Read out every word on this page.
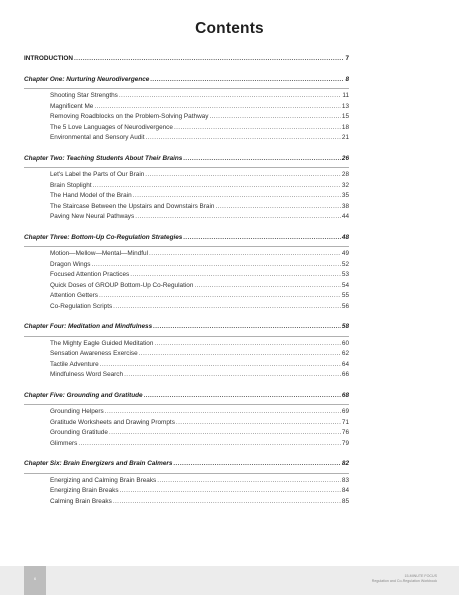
Contents
INTRODUCTION .....	7
Chapter One: Nurturing Neurodivergence .....	8
Shooting Star Strengths .....	11
Magnificent Me .....	13
Removing Roadblocks on the Problem-Solving Pathway .....	15
The 5 Love Languages of Neurodivergence .....	18
Environmental and Sensory Audit .....	21
Chapter Two: Teaching Students About Their Brains .....	26
Let's Label the Parts of Our Brain .....	28
Brain Stoplight .....	32
The Hand Model of the Brain .....	35
The Staircase Between the Upstairs and Downstairs Brain .....	38
Paving New Neural Pathways .....	44
Chapter Three: Bottom-Up Co-Regulation Strategies .....	48
Motion—Mellow—Mental—Mindful .....	49
Dragon Wings .....	52
Focused Attention Practices .....	53
Quick Doses of GROUP Bottom-Up Co-Regulation .....	54
Attention Getters .....	55
Co-Regulation Scripts .....	56
Chapter Four: Meditation and Mindfulness .....	58
The Mighty Eagle Guided Meditation .....	60
Sensation Awareness Exercise .....	62
Tactile Adventure .....	64
Mindfulness Word Search .....	66
Chapter Five: Grounding and Gratitude .....	68
Grounding Helpers .....	69
Gratitude Worksheets and Drawing Prompts .....	71
Grounding Gratitude .....	76
Glimmers .....	79
Chapter Six: Brain Energizers and Brain Calmers .....	82
Energizing and Calming Brain Breaks .....	83
Energizing Brain Breaks .....	84
Calming Brain Breaks .....	85
6
15-MINUTE FOCUS
Regulation and Co-Regulation Workbook
